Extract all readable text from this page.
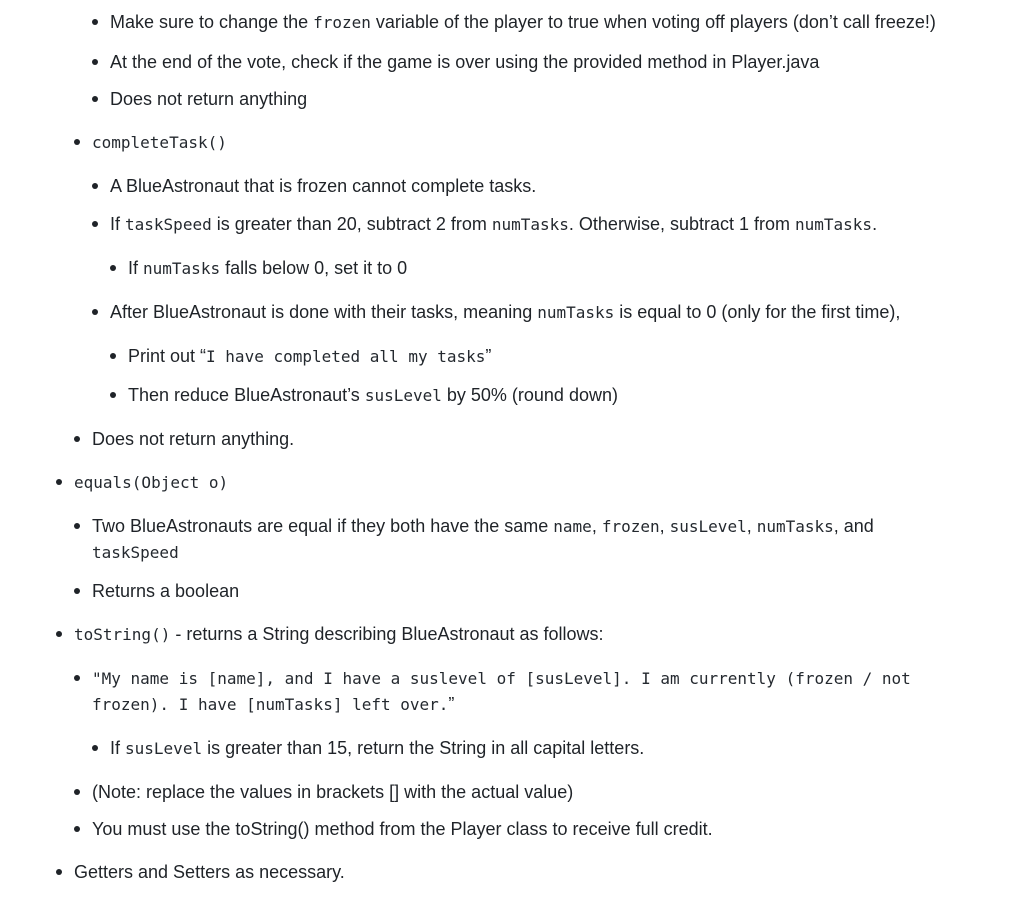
Make sure to change the frozen variable of the player to true when voting off players (don’t call freeze!)
At the end of the vote, check if the game is over using the provided method in Player.java
Does not return anything
completeTask()
A BlueAstronaut that is frozen cannot complete tasks.
If taskSpeed is greater than 20, subtract 2 from numTasks. Otherwise, subtract 1 from numTasks.
If numTasks falls below 0, set it to 0
After BlueAstronaut is done with their tasks, meaning numTasks is equal to 0 (only for the first time),
Print out “I have completed all my tasks”
Then reduce BlueAstronaut’s susLevel by 50% (round down)
Does not return anything.
equals(Object o)
Two BlueAstronauts are equal if they both have the same name, frozen, susLevel, numTasks, and
taskSpeed
Returns a boolean
toString() - returns a String describing BlueAstronaut as follows:
"My name is [name], and I have a suslevel of [susLevel]. I am currently (frozen / not
frozen). I have [numTasks] left over.”
If susLevel is greater than 15, return the String in all capital letters.
(Note: replace the values in brackets [] with the actual value)
You must use the toString() method from the Player class to receive full credit.
Getters and Setters as necessary.
